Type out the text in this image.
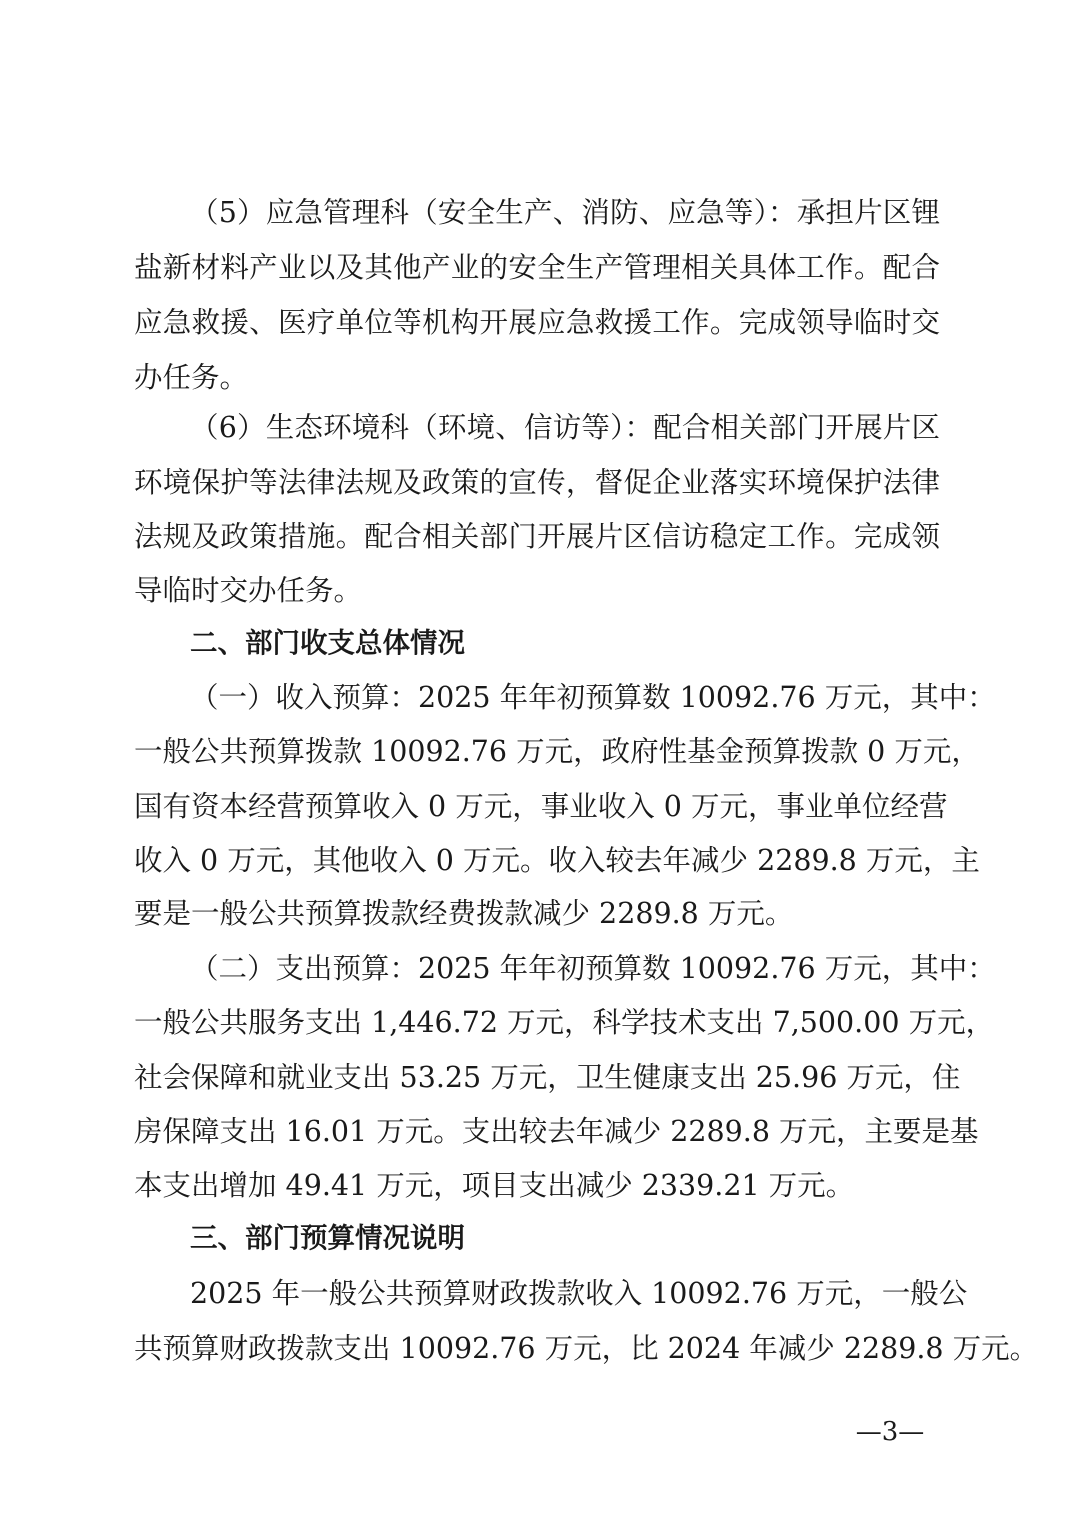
（5）应急管理科（安全生产、消防、应急等）：承担片区锂
盐新材料产业以及其他产业的安全生产管理相关具体工作。配合
应急救援、医疗单位等机构开展应急救援工作。完成领导临时交
办任务。
（6）生态环境科（环境、信访等）：配合相关部门开展片区
环境保护等法律法规及政策的宣传，督促企业落实环境保护法律
法规及政策措施。配合相关部门开展片区信访稳定工作。完成领
导临时交办任务。
二、部门收支总体情况
（一）收入预算：2025 年年初预算数 10092.76 万元，其中：
一般公共预算拨款 10092.76 万元，政府性基金预算拨款 0 万元，
国有资本经营预算收入 0 万元，事业收入 0 万元，事业单位经营
收入 0 万元，其他收入 0 万元。收入较去年减少 2289.8 万元，主
要是一般公共预算拨款经费拨款减少 2289.8 万元。
（二）支出预算：2025 年年初预算数 10092.76 万元，其中：
一般公共服务支出 1,446.72 万元，科学技术支出 7,500.00 万元，
社会保障和就业支出 53.25 万元，卫生健康支出 25.96 万元，住
房保障支出 16.01 万元。支出较去年减少 2289.8 万元，主要是基
本支出增加 49.41 万元，项目支出减少 2339.21 万元。
三、部门预算情况说明
2025 年一般公共预算财政拨款收入 10092.76 万元，一般公
共预算财政拨款支出 10092.76 万元，比 2024 年减少 2289.8 万元。
—3—
